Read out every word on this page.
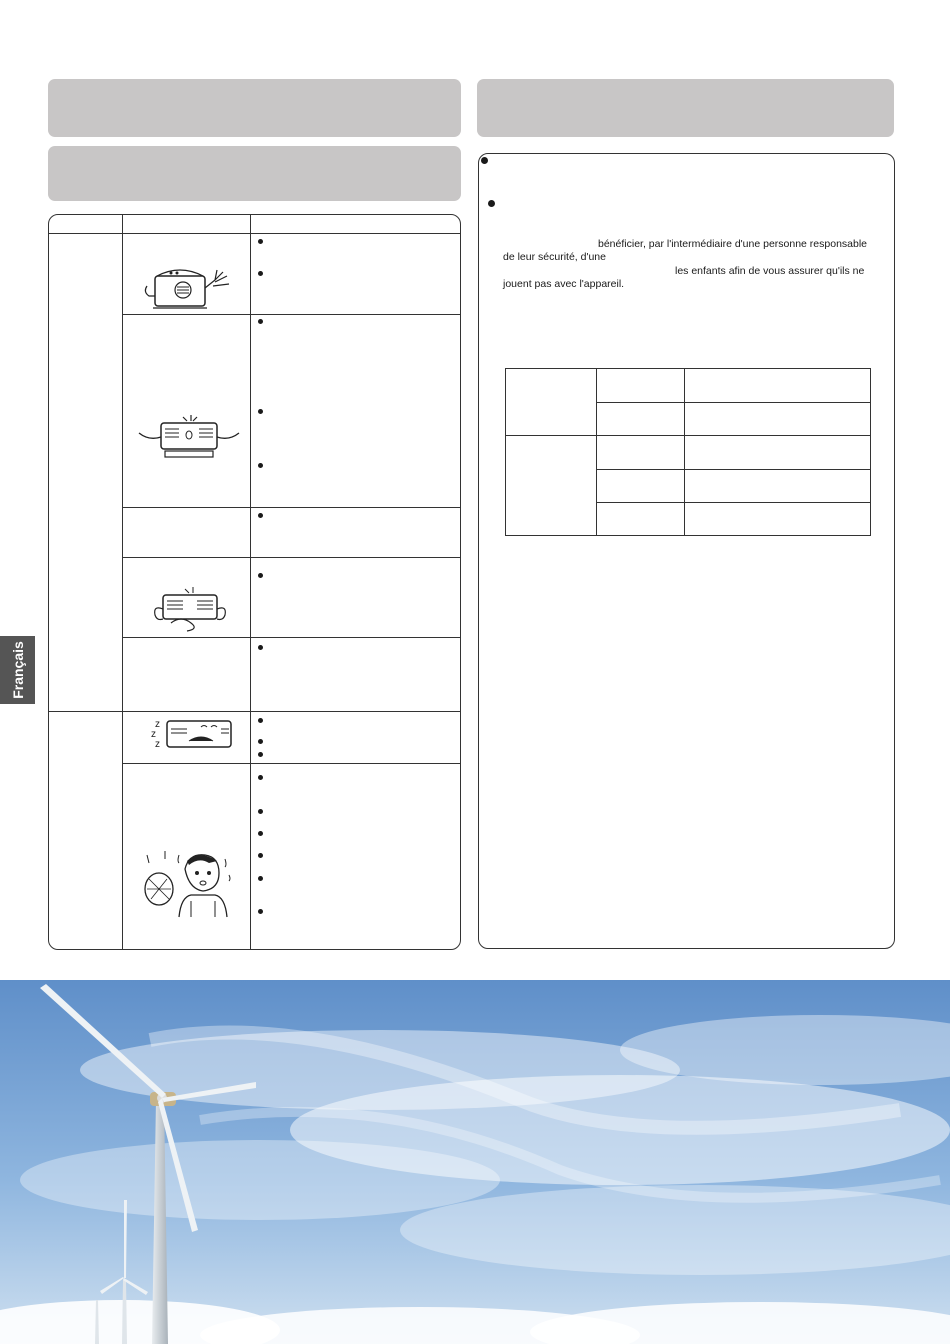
z
z
z
bénéficier, par l'intermédiaire d'une personne responsable
de leur sécurité, d'une
les enfants afin de vous assurer qu'ils ne
jouent pas avec l'appareil.

Français
